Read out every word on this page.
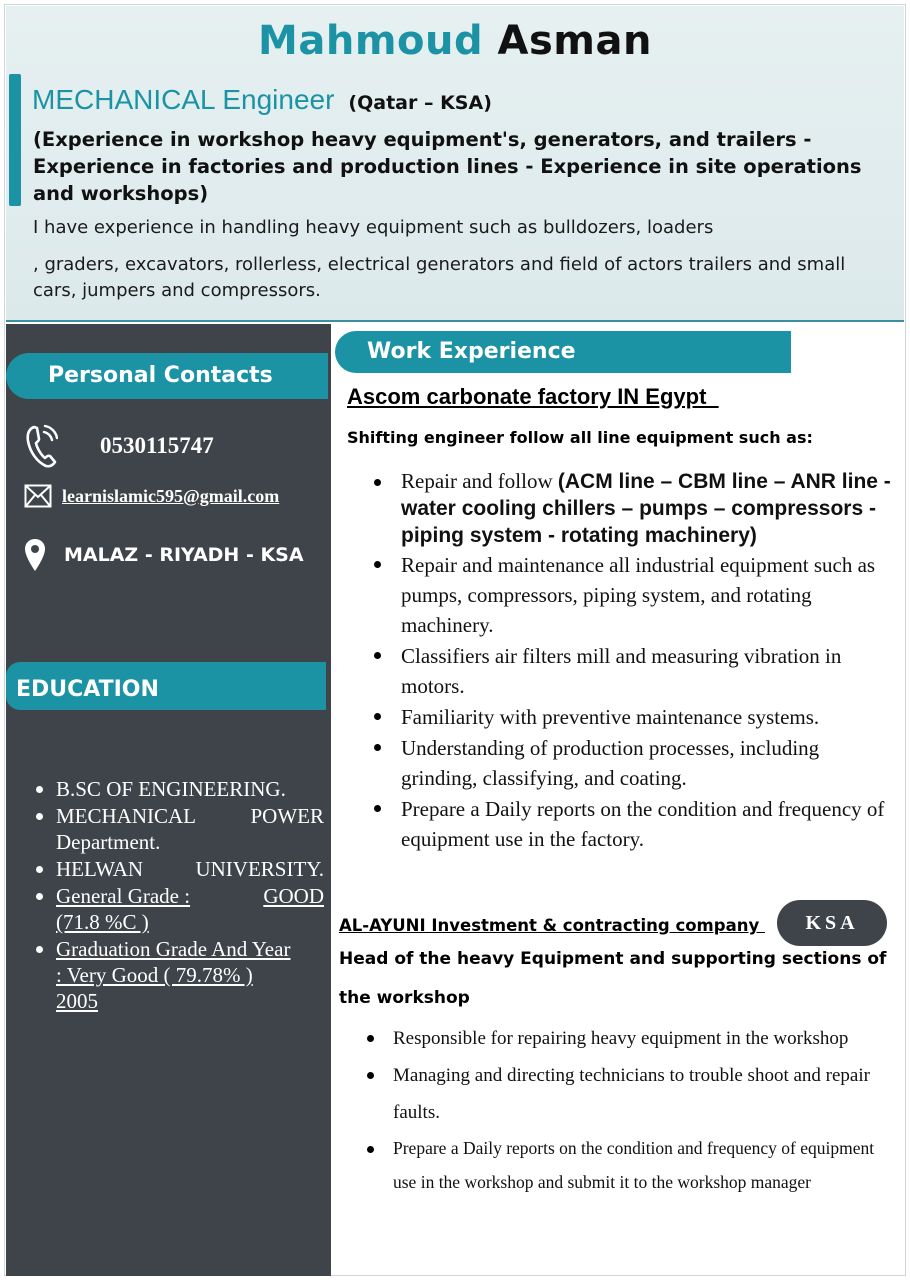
Mahmoud Asman
MECHANICAL Engineer (Qatar – KSA)
(Experience in workshop heavy equipment's, generators, and trailers - Experience in factories and production lines - Experience in site operations and workshops)
I have experience in handling heavy equipment such as bulldozers, loaders
, graders, excavators, rollerless, electrical generators and field of actors trailers and small cars, jumpers and compressors.
Personal Contacts
0530115747
learnislamic595@gmail.com
MALAZ - RIYADH - KSA
EDUCATION
B.SC OF ENGINEERING.
MECHANICAL	POWER
Department.
HELWAN UNIVERSITY.
General Grade :	GOOD
(71.8 %C )
Graduation Grade And Year
: Very Good ( 79.78% )
2005
Work Experience
Ascom carbonate factory IN Egypt
Shifting engineer follow all line equipment such as:
Repair and follow (ACM line – CBM line – ANR line - water cooling chillers – pumps – compressors - piping system - rotating machinery)
Repair and maintenance all industrial equipment such as pumps, compressors, piping system, and rotating machinery.
Classifiers air filters mill and measuring vibration in motors.
Familiarity with preventive maintenance systems.
Understanding of production processes, including grinding, classifying, and coating.
Prepare a Daily reports on the condition and frequency of equipment use in the factory.
AL-AYUNI Investment & contracting company	KSA
Head of the heavy Equipment and supporting sections of the workshop
Responsible for repairing heavy equipment in the workshop
Managing and directing technicians to trouble shoot and repair faults.
Prepare a Daily reports on the condition and frequency of equipment use in the workshop and submit it to the workshop manager
